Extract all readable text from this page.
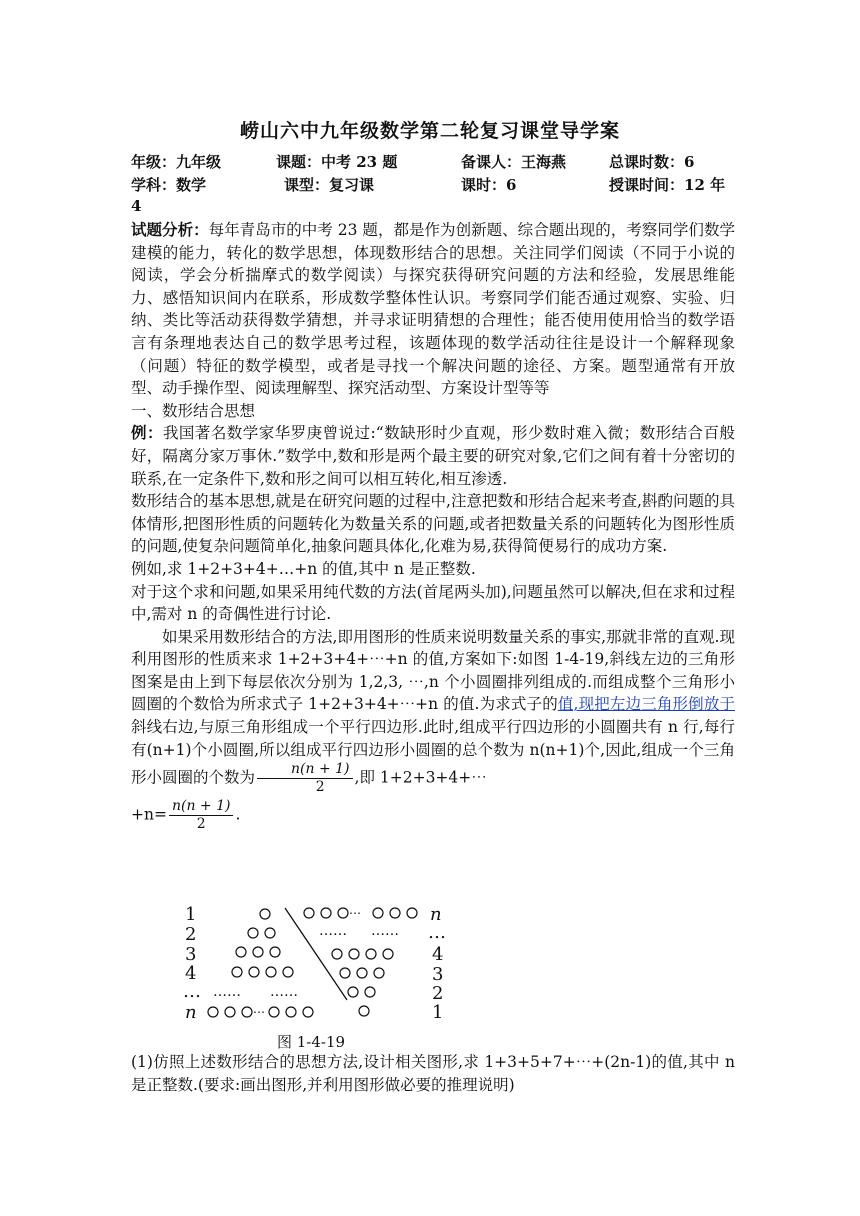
崂山六中九年级数学第二轮复习课堂导学案
年级：九年级	课题：中考 23 题	备课人：王海燕	总课时数：6
学科：数学	课型：复习课	课时：6	授课时间：12 年
4

试题分析：每年青岛市的中考 23 题，都是作为创新题、综合题出现的，考察同学们数学建模的能力，转化的数学思想，体现数形结合的思想。关注同学们阅读（不同于小说的阅读，学会分析揣摩式的数学阅读）与探究获得研究问题的方法和经验，发展思维能力、感悟知识间内在联系，形成数学整体性认识。考察同学们能否通过观察、实验、归纳、类比等活动获得数学猜想，并寻求证明猜想的合理性；能否使用使用恰当的数学语言有条理地表达自己的数学思考过程，该题体现的数学活动往往是设计一个解释现象（问题）特征的数学模型，或者是寻找一个解决问题的途径、方案。题型通常有开放型、动手操作型、阅读理解型、探究活动型、方案设计型等等

一、数形结合思想

例：我国著名数学家华罗庚曾说过:“数缺形时少直观，形少数时难入微；数形结合百般好，隔离分家万事休.”数学中,数和形是两个最主要的研究对象,它们之间有着十分密切的联系,在一定条件下,数和形之间可以相互转化,相互渗透.

数形结合的基本思想,就是在研究问题的过程中,注意把数和形结合起来考查,斟酌问题的具体情形,把图形性质的问题转化为数量关系的问题,或者把数量关系的问题转化为图形性质的问题,使复杂问题简单化,抽象问题具体化,化难为易,获得简便易行的成功方案.

例如,求 1+2+3+4+…+n 的值,其中 n 是正整数.

对于这个求和问题,如果采用纯代数的方法(首尾两头加),问题虽然可以解决,但在求和过程中,需对 n 的奇偶性进行讨论.

如果采用数形结合的方法,即用图形的性质来说明数量关系的事实,那就非常的直观.现利用图形的性质来求 1+2+3+4+⋯+n 的值,方案如下:如图 1-4-19,斜线左边的三角形图案是由上到下每层依次分别为 1,2,3, ⋯,n 个小圆圈排列组成的.而组成整个三角形小圆圈的个数恰为所求式子 1+2+3+4+⋯+n 的值.为求式子的值,现把左边三角形倒放于斜线右边,与原三角形组成一个平行四边形.此时,组成平行四边形的小圆圈共有 n 行,每行有(n+1)个小圆圈,所以组成平行四边形小圆圈的总个数为 n(n+1)个,因此,组成一个三角形小圆圈的个数为 $\frac{n(n + 1)}{2}$ ,即 1+2+3+4+⋯

$+n= \frac{n(n + 1)}{2}$ .

1
2
3
4
…
n
n
…
4
3
2
1
…… ……
⋯
⋯
…… ……
图 1-4-19

(1)仿照上述数形结合的思想方法,设计相关图形,求 1+3+5+7+⋯+(2n-1)的值,其中 n 是正整数.(要求:画出图形,并利用图形做必要的推理说明)
